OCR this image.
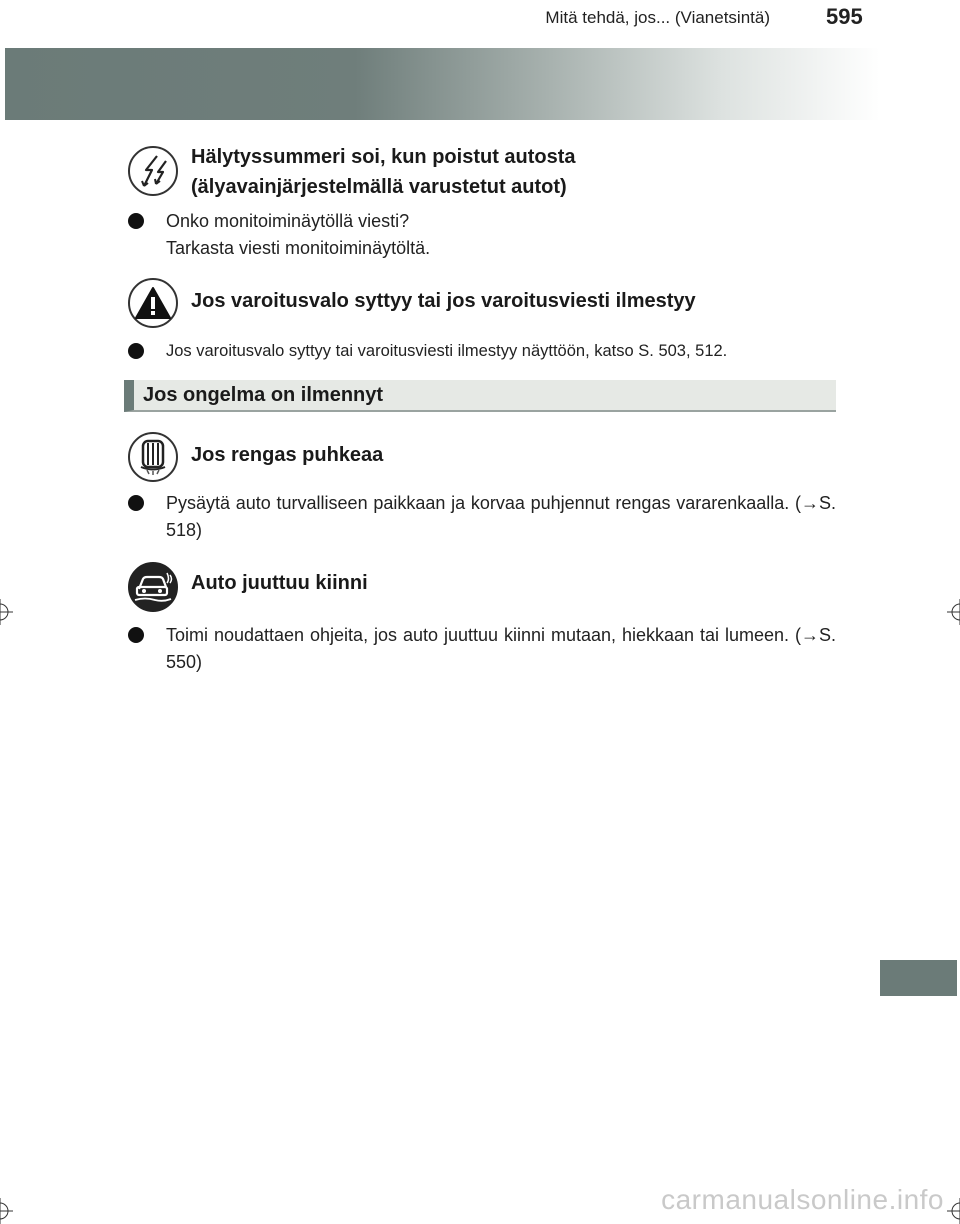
Mitä tehdä, jos... (Vianetsintä)	595
Hälytyssummeri soi, kun poistut autosta
(älyavainjärjestelmällä varustetut autot)
Onko monitoiminäytöllä viesti?
Tarkasta viesti monitoiminäytöltä.
Jos varoitusvalo syttyy tai jos varoitusviesti ilmestyy
Jos varoitusvalo syttyy tai varoitusviesti ilmestyy näyttöön, katso S. 503, 512.
Jos ongelma on ilmennyt
Jos rengas puhkeaa
Pysäytä auto turvalliseen paikkaan ja korvaa puhjennut rengas vararenkaalla. (→S. 518)
Auto juuttuu kiinni
Toimi noudattaen ohjeita, jos auto juuttuu kiinni mutaan, hiekkaan tai lumeen. (→S. 550)
carmanualsonline.info
